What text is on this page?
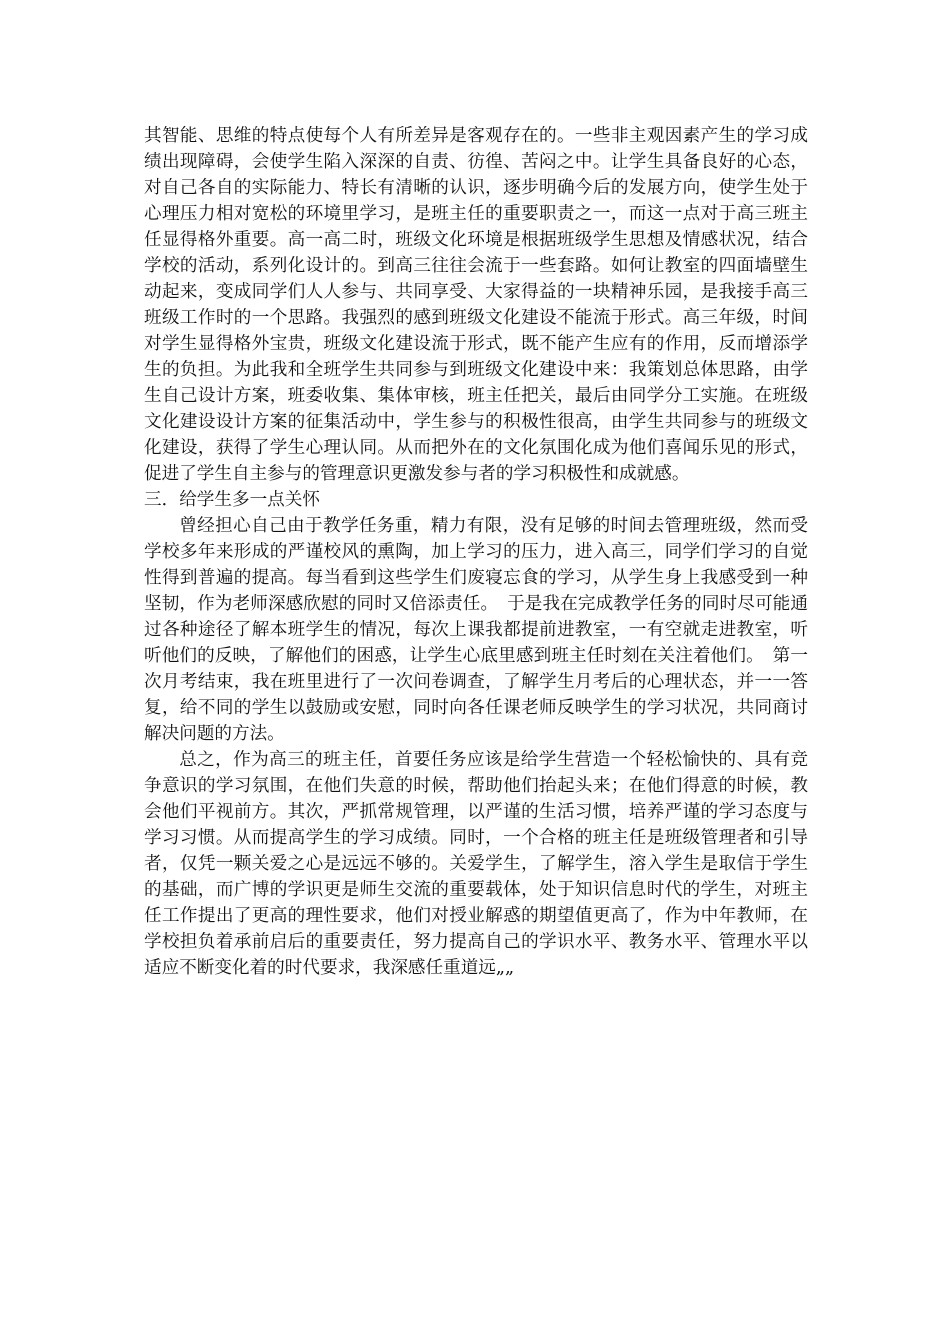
其智能、思维的特点使每个人有所差异是客观存在的。一些非主观因素产生的学习成绩出现障碍，会使学生陷入深深的自责、彷徨、苦闷之中。让学生具备良好的心态，对自己各自的实际能力、特长有清晰的认识，逐步明确今后的发展方向，使学生处于心理压力相对宽松的环境里学习，是班主任的重要职责之一，而这一点对于高三班主任显得格外重要。高一高二时，班级文化环境是根据班级学生思想及情感状况，结合学校的活动，系列化设计的。到高三往往会流于一些套路。如何让教室的四面墙壁生动起来，变成同学们人人参与、共同享受、大家得益的一块精神乐园，是我接手高三班级工作时的一个思路。我强烈的感到班级文化建设不能流于形式。高三年级，时间对学生显得格外宝贵，班级文化建设流于形式，既不能产生应有的作用，反而增添学生的负担。为此我和全班学生共同参与到班级文化建设中来：我策划总体思路，由学生自己设计方案，班委收集、集体审核，班主任把关，最后由同学分工实施。在班级文化建设设计方案的征集活动中，学生参与的积极性很高，由学生共同参与的班级文化建设，获得了学生心理认同。从而把外在的文化氛围化成为他们喜闻乐见的形式，促进了学生自主参与的管理意识更激发参与者的学习积极性和成就感。

三．给学生多一点关怀

曾经担心自己由于教学任务重，精力有限，没有足够的时间去管理班级，然而受学校多年来形成的严谨校风的熏陶，加上学习的压力，进入高三，同学们学习的自觉性得到普遍的提高。每当看到这些学生们废寝忘食的学习，从学生身上我感受到一种坚韧，作为老师深感欣慰的同时又倍添责任。　于是我在完成教学任务的同时尽可能通过各种途径了解本班学生的情况，每次上课我都提前进教室，一有空就走进教室，听听他们的反映，了解他们的困惑，让学生心底里感到班主任时刻在关注着他们。　第一次月考结束，我在班里进行了一次问卷调查，了解学生月考后的心理状态，并一一答复，给不同的学生以鼓励或安慰，同时向各任课老师反映学生的学习状况，共同商讨解决问题的方法。

总之，作为高三的班主任，首要任务应该是给学生营造一个轻松愉快的、具有竞争意识的学习氛围，在他们失意的时候，帮助他们抬起头来；在他们得意的时候，教会他们平视前方。其次，严抓常规管理，以严谨的生活习惯，培养严谨的学习态度与学习习惯。从而提高学生的学习成绩。同时，一个合格的班主任是班级管理者和引导者，仅凭一颗关爱之心是远远不够的。关爱学生，了解学生，溶入学生是取信于学生的基础，而广博的学识更是师生交流的重要载体，处于知识信息时代的学生，对班主任工作提出了更高的理性要求，他们对授业解惑的期望值更高了，作为中年教师，在学校担负着承前启后的重要责任，努力提高自己的学识水平、教务水平、管理水平以适应不断变化着的时代要求，我深感任重道远„„
